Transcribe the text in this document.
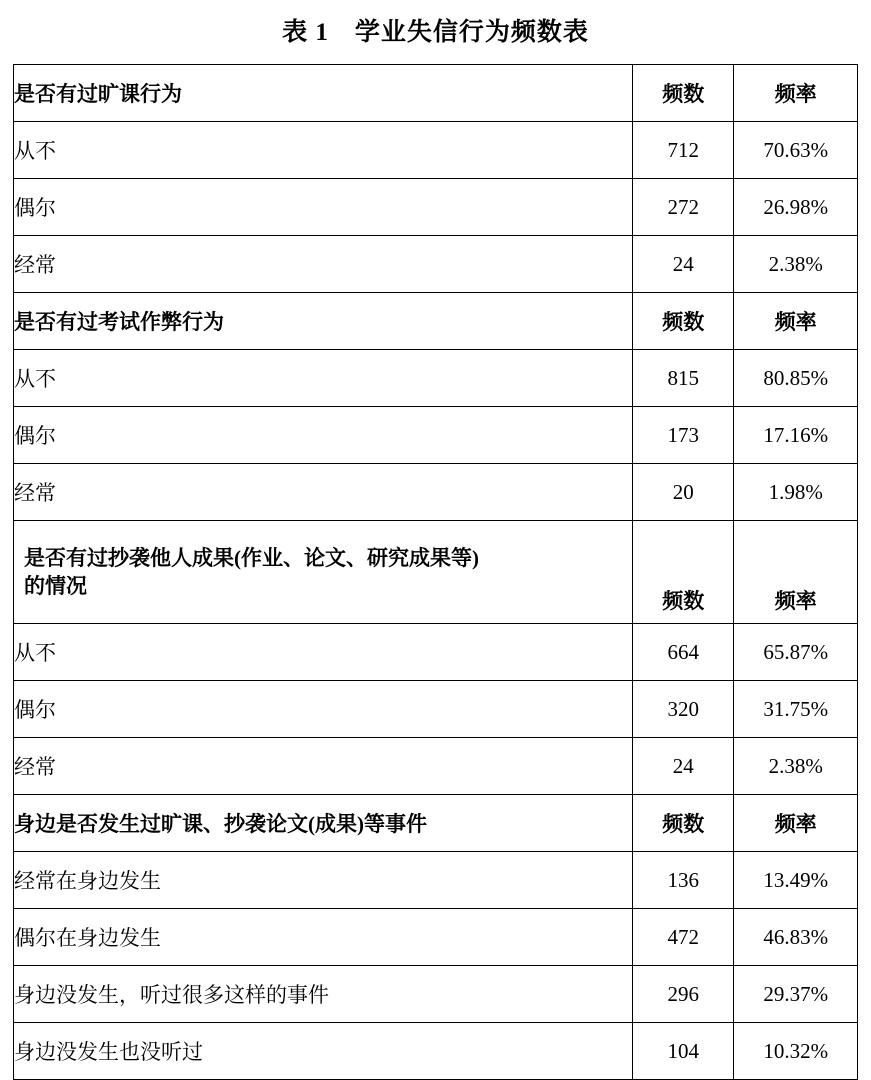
表 1　学业失信行为频数表
是否有过旷课行为	频数	频率
从不	712	70.63%
偶尔	272	26.98%
经常	24	2.38%
是否有过考试作弊行为	频数	频率
从不	815	80.85%
偶尔	173	17.16%
经常	20	1.98%

是否有过抄袭他人成果(作业、论文、研究成果等)
的情况	频数	频率
从不	664	65.87%
偶尔	320	31.75%
经常	24	2.38%
身边是否发生过旷课、抄袭论文(成果)等事件	频数	频率
经常在身边发生	136	13.49%
偶尔在身边发生	472	46.83%
身边没发生，听过很多这样的事件	296	29.37%
身边没发生也没听过	104	10.32%
